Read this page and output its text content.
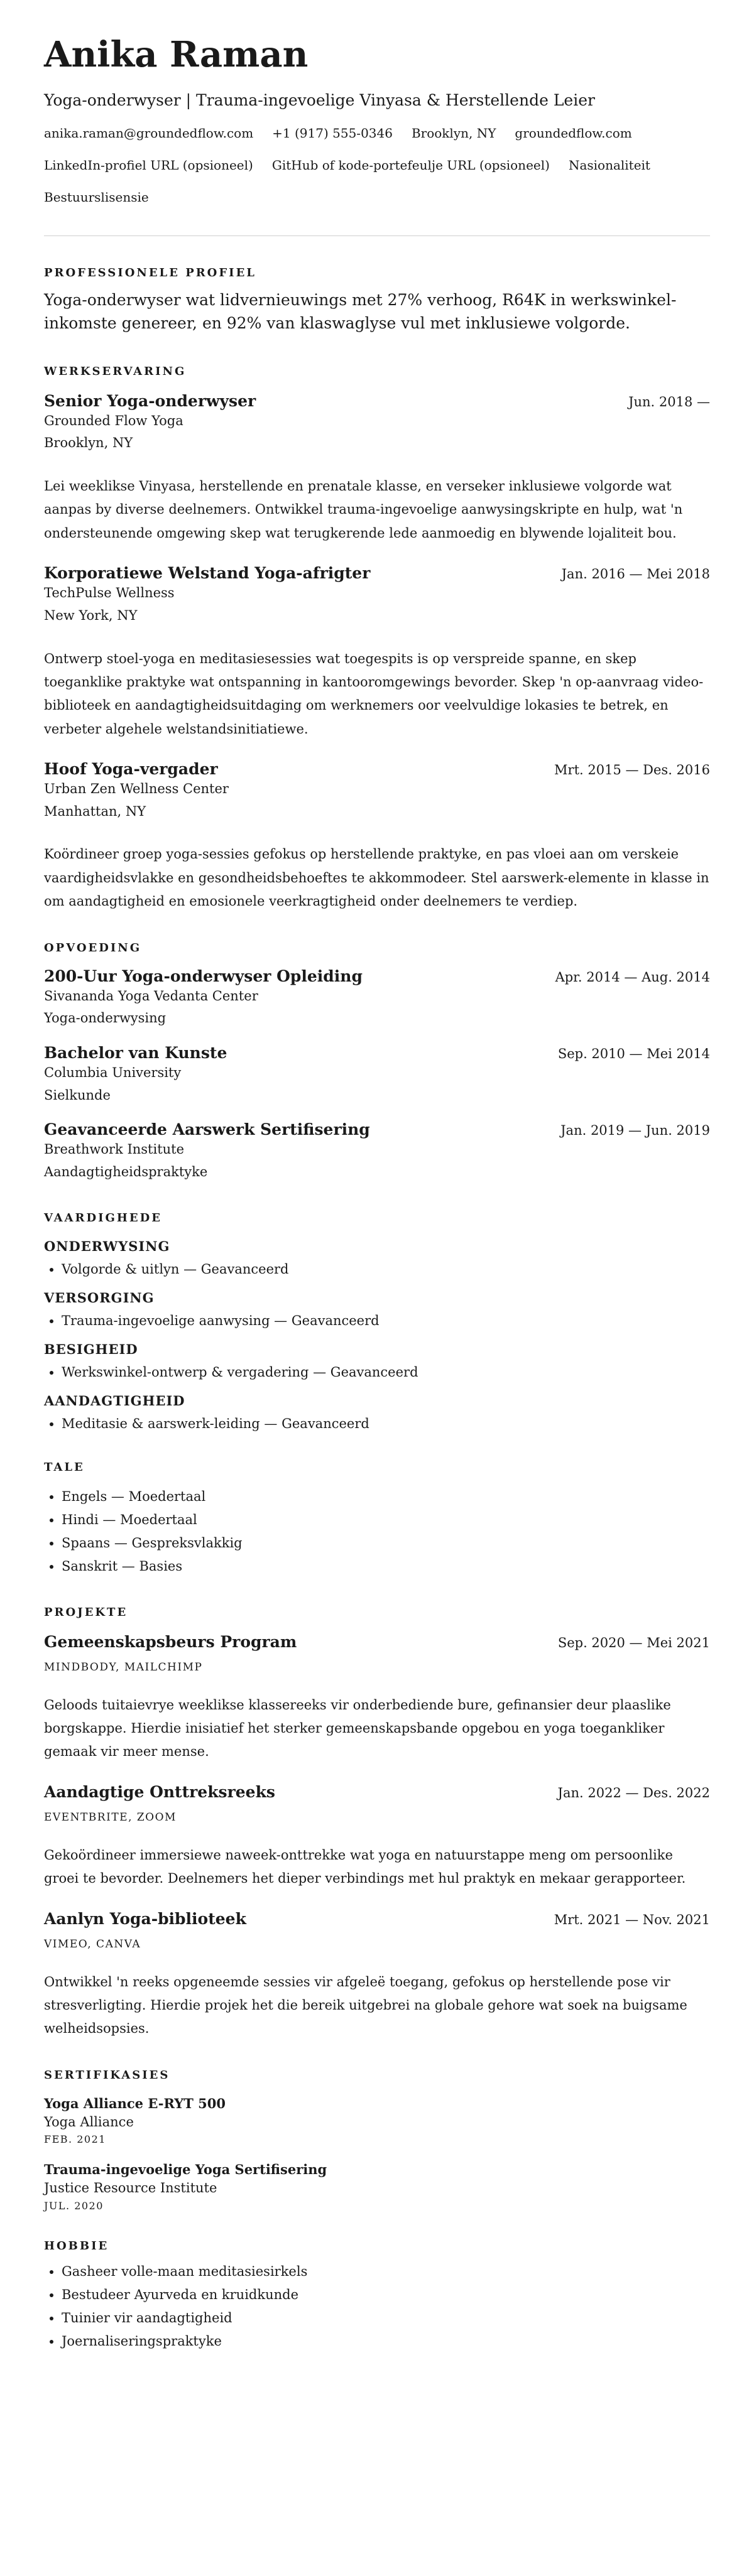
Anika Raman
Yoga-onderwyser | Trauma-ingevoelige Vinyasa & Herstellende Leier
anika.raman@groundedflow.com +1 (917) 555-0346 Brooklyn, NY groundedflow.com
LinkedIn-profiel URL (opsioneel) GitHub of kode-portefeulje URL (opsioneel) Nasionaliteit
Bestuurslisensie
PROFESSIONELE PROFIEL
Yoga-onderwyser wat lidvernieuwings met 27% verhoog, R64K in werkswinkel-inkomste genereer, en 92% van klaswaglyse vul met inklusiewe volgorde.
WERKSERVARING
Senior Yoga-onderwyser	Jun. 2018 —
Grounded Flow Yoga
Brooklyn, NY
Lei weeklikse Vinyasa, herstellende en prenatale klasse, en verseker inklusiewe volgorde wat aanpas by diverse deelnemers. Ontwikkel trauma-ingevoelige aanwysingskripte en hulp, wat 'n ondersteunende omgewing skep wat terugkerende lede aanmoedig en blywende lojaliteit bou.
Korporatiewe Welstand Yoga-afrigter	Jan. 2016 — Mei 2018
TechPulse Wellness
New York, NY
Ontwerp stoel-yoga en meditasiesessies wat toegespits is op verspreide spanne, en skep toeganklike praktyke wat ontspanning in kantooromgewings bevorder. Skep 'n op-aanvraag video-biblioteek en aandagtigheidsuitdaging om werknemers oor veelvuldige lokasies te betrek, en verbeter algehele welstandsinitiatiewe.
Hoof Yoga-vergader	Mrt. 2015 — Des. 2016
Urban Zen Wellness Center
Manhattan, NY
Koördineer groep yoga-sessies gefokus op herstellende praktyke, en pas vloei aan om verskeie vaardigheidsvlakke en gesondheidsbehoeftes te akkommodeer. Stel aarswerk-elemente in klasse in om aandagtigheid en emosionele veerkragtigheid onder deelnemers te verdiep.
OPVOEDING
200-Uur Yoga-onderwyser Opleiding	Apr. 2014 — Aug. 2014
Sivananda Yoga Vedanta Center
Yoga-onderwysing
Bachelor van Kunste	Sep. 2010 — Mei 2014
Columbia University
Sielkunde
Geavanceerde Aarswerk Sertifisering	Jan. 2019 — Jun. 2019
Breathwork Institute
Aandagtigheidspraktyke
VAARDIGHEDE
ONDERWYSING
• Volgorde & uitlyn — Geavanceerd
VERSORGING
• Trauma-ingevoelige aanwysing — Geavanceerd
BESIGHEID
• Werkswinkel-ontwerp & vergadering — Geavanceerd
AANDAGTIGHEID
• Meditasie & aarswerk-leiding — Geavanceerd
TALE
• Engels — Moedertaal
• Hindi — Moedertaal
• Spaans — Gespreksvlakkig
• Sanskrit — Basies
PROJEKTE
Gemeenskapsbeurs Program	Sep. 2020 — Mei 2021
MINDBODY, MAILCHIMP
Geloods tuitaievrye weeklikse klassereeks vir onderbediende bure, gefinansier deur plaaslike borgskappe. Hierdie inisiatief het sterker gemeenskapsbande opgebou en yoga toegankliker gemaak vir meer mense.
Aandagtige Onttreksreeks	Jan. 2022 — Des. 2022
EVENTBRITE, ZOOM
Gekoördineer immersiewe naweek-onttrekke wat yoga en natuurstappe meng om persoonlike groei te bevorder. Deelnemers het dieper verbindings met hul praktyk en mekaar gerapporteer.
Aanlyn Yoga-biblioteek	Mrt. 2021 — Nov. 2021
VIMEO, CANVA
Ontwikkel 'n reeks opgeneemde sessies vir afgeleë toegang, gefokus op herstellende pose vir stresverligting. Hierdie projek het die bereik uitgebrei na globale gehore wat soek na buigsame welheidsopsies.
SERTIFIKASIES
Yoga Alliance E-RYT 500
Yoga Alliance
FEB. 2021
Trauma-ingevoelige Yoga Sertifisering
Justice Resource Institute
JUL. 2020
HOBBIE
• Gasheer volle-maan meditasiesirkels
• Bestudeer Ayurveda en kruidkunde
• Tuinier vir aandagtigheid
• Joernaliseringspraktyke
